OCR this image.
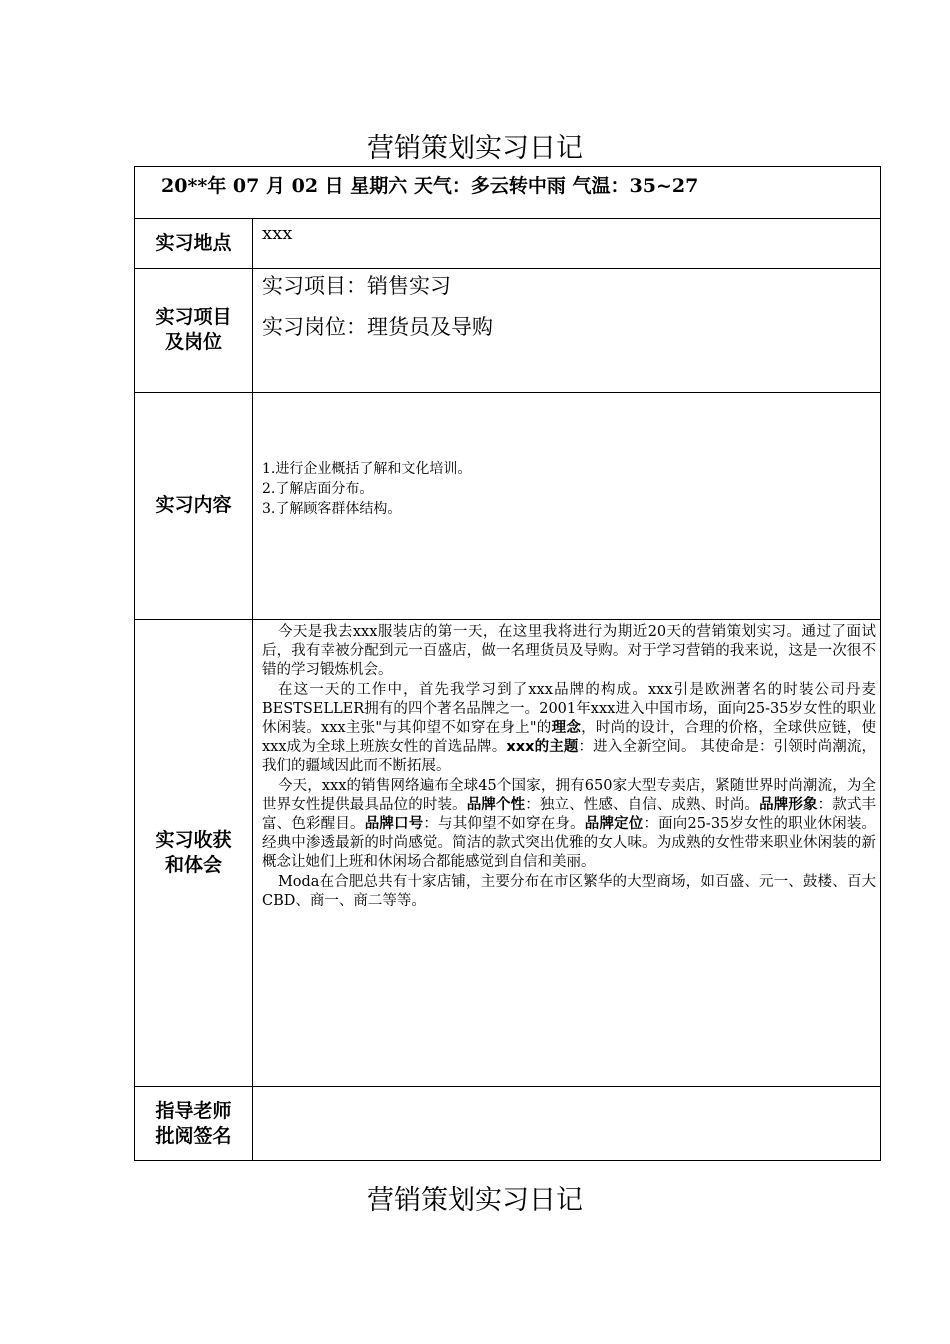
营销策划实习日记
20**年 07 月 02 日 星期六 天气：多云转中雨 气温：35~27
实习地点	xxx
实习项目
及岗位
实习项目：销售实习
实习岗位：理货员及导购
实习内容
1.进行企业概括了解和文化培训。
2.了解店面分布。
3.了解顾客群体结构。
实习收获
和体会

今天是我去xxx服装店的第一天，在这里我将进行为期近20天的营销策划实习。通过了面试后，我有幸被分配到元一百盛店，做一名理货员及导购。对于学习营销的我来说，这是一次很不错的学习锻炼机会。

在这一天的工作中，首先我学习到了xxx品牌的构成。xxx引是欧洲著名的时装公司丹麦BESTSELLER拥有的四个著名品牌之一。2001年xxx进入中国市场，面向25-35岁女性的职业休闲装。xxx主张"与其仰望不如穿在身上"的理念，时尚的设计，合理的价格，全球供应链，使xxx成为全球上班族女性的首选品牌。xxx的主题：进入全新空间。 其使命是：引领时尚潮流，我们的疆域因此而不断拓展。

今天，xxx的销售网络遍布全球45个国家，拥有650家大型专卖店，紧随世界时尚潮流，为全世界女性提供最具品位的时装。品牌个性：独立、性感、自信、成熟、时尚。品牌形象：款式丰富、色彩醒目。品牌口号：与其仰望不如穿在身。品牌定位：面向25-35岁女性的职业休闲装。经典中渗透最新的时尚感觉。简洁的款式突出优雅的女人味。为成熟的女性带来职业休闲装的新概念让她们上班和休闲场合都能感觉到自信和美丽。

Moda在合肥总共有十家店铺，主要分布在市区繁华的大型商场，如百盛、元一、鼓楼、百大CBD、商一、商二等等。

指导老师
批阅签名
营销策划实习日记
